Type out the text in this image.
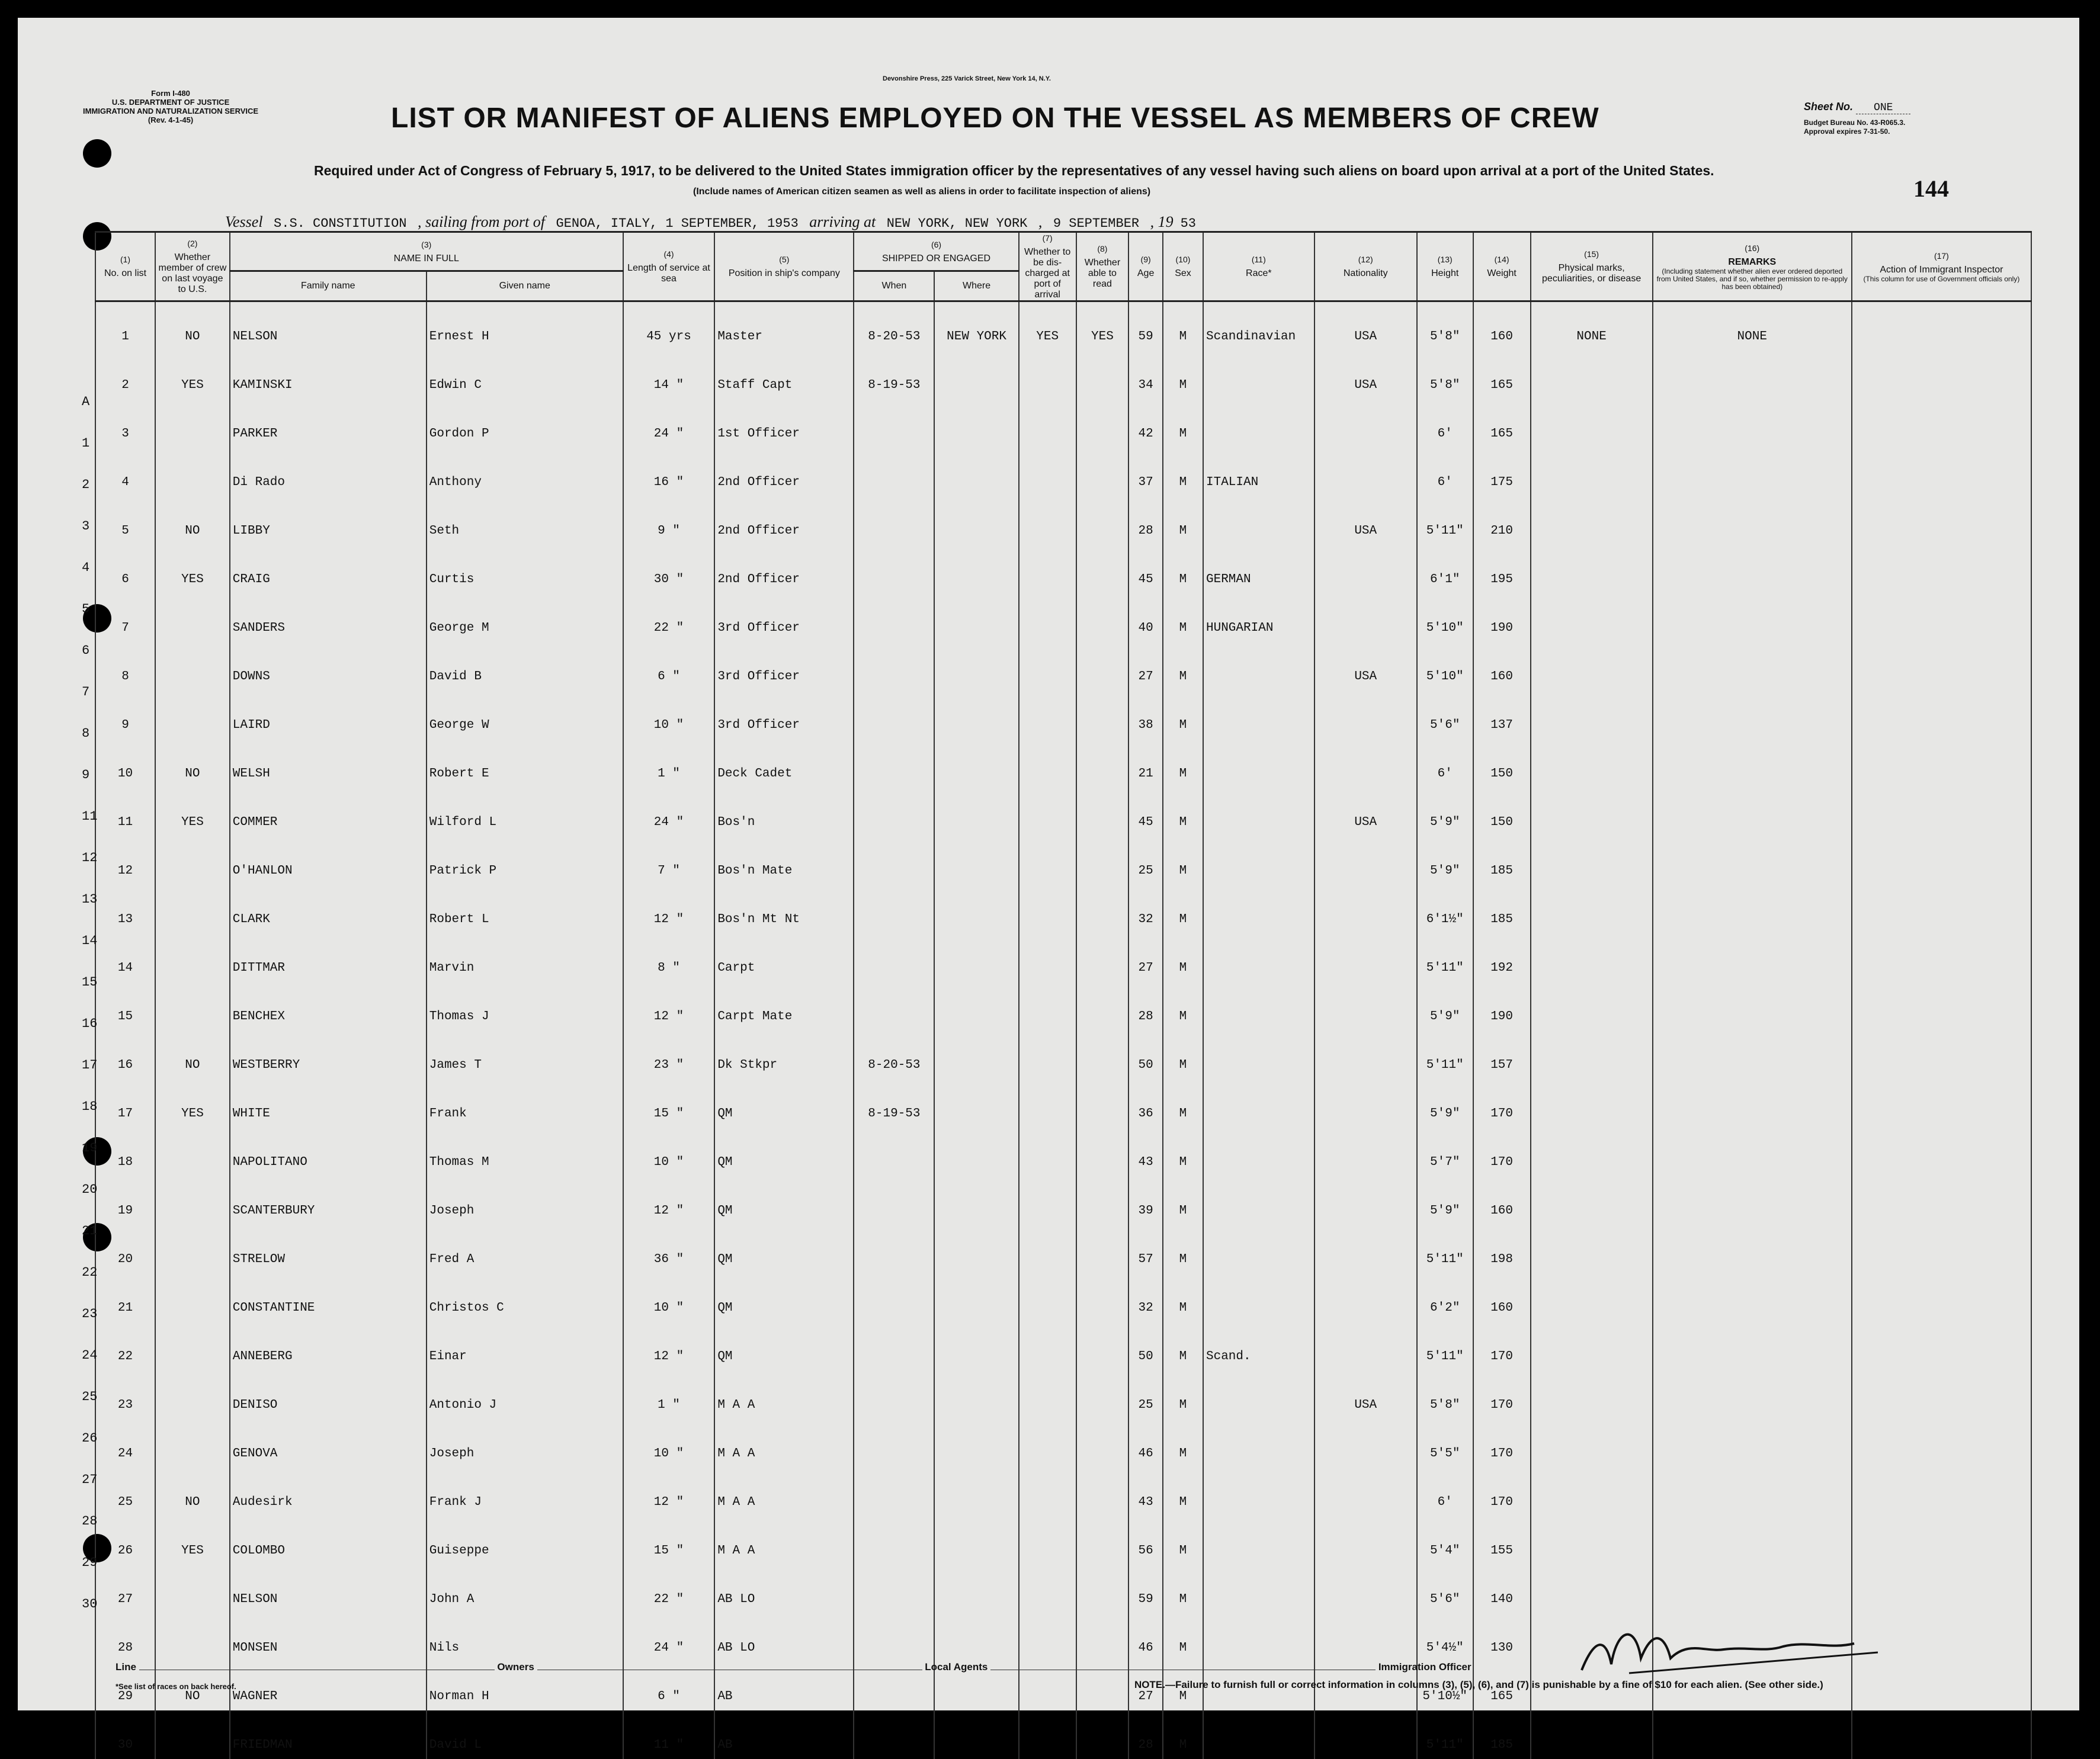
Form I-480
U.S. DEPARTMENT OF JUSTICE
IMMIGRATION AND NATURALIZATION SERVICE
(Rev. 4-1-45)
Devonshire Press, 225 Varick Street, New York 14, N.Y.
LIST OR MANIFEST OF ALIENS EMPLOYED ON THE VESSEL AS MEMBERS OF CREW	Sheet No. ONE
Budget Bureau No. 43-R065.3.
Approval expires 7-31-50.
Required under Act of Congress of February 5, 1917, to be delivered to the United States immigration officer by the representatives of any vessel having such aliens on board upon arrival at a port of the United States.
(Include names of American citizen seamen as well as aliens in order to facilitate inspection of aliens)	144
Vessel S.S. CONSTITUTION , sailing from port of GENOA, ITALY, 1 SEPTEMBER, 1953 arriving at NEW YORK, NEW YORK , 9 SEPTEMBER , 19 53
(1)
No. on list	(2)
Whether member of crew on last voyage to U.S.	(3)
NAME IN FULL		(4)
Length of service at sea	(5)
Position in ship's company	(6)
SHIPPED OR ENGAGED		(7)
Whether to be dis-charged at port of arrival	(8)
Whether able to read	(9)
Age	(10)
Sex	(11)
Race*	(12)
Nationality	(13)
Height	(14)
Weight	(15)
Physical marks, peculiarities, or disease	(16)
REMARKS

(Including statement whether alien ever ordered deported from United States, and if so, whether permission to re-apply has been obtained)	(17)
Action of Immigrant Inspector

(This column for use of Government officials only)

		Family name	Given name			When	Where											
1	NO	NELSON	Ernest H	45 yrs	Master	8-20-53	NEW YORK	YES	YES	59	M	Scandinavian	USA	5'8"	160	NONE	NONE	
2	YES	KAMINSKI	Edwin C	14 "	Staff Capt	8-19-53				34	M		USA	5'8"	165			
3		PARKER	Gordon P	24 "	1st Officer					42	M			6'	165			
4		Di Rado	Anthony	16 "	2nd Officer					37	M	ITALIAN		6'	175			
5	NO	LIBBY	Seth	9 "	2nd Officer					28	M		USA	5'11"	210			
6	YES	CRAIG	Curtis	30 "	2nd Officer					45	M	GERMAN		6'1"	195			
7		SANDERS	George M	22 "	3rd Officer					40	M	HUNGARIAN		5'10"	190			
8		DOWNS	David B	6 "	3rd Officer					27	M		USA	5'10"	160			
9		LAIRD	George W	10 "	3rd Officer					38	M			5'6"	137			
10	NO	WELSH	Robert E	1 "	Deck Cadet					21	M			6'	150			
11	YES	COMMER	Wilford L	24 "	Bos'n					45	M		USA	5'9"	150			
12		O'HANLON	Patrick P	7 "	Bos'n Mate					25	M			5'9"	185			
13		CLARK	Robert L	12 "	Bos'n Mt Nt					32	M			6'1½"	185			
14		DITTMAR	Marvin	8 "	Carpt					27	M			5'11"	192			
15		BENCHEX	Thomas J	12 "	Carpt Mate					28	M			5'9"	190			
16	NO	WESTBERRY	James T	23 "	Dk Stkpr	8-20-53				50	M			5'11"	157			
17	YES	WHITE	Frank	15 "	QM	8-19-53				36	M			5'9"	170			
18		NAPOLITANO	Thomas M	10 "	QM					43	M			5'7"	170			
19		SCANTERBURY	Joseph	12 "	QM					39	M			5'9"	160			
20		STRELOW	Fred A	36 "	QM					57	M			5'11"	198			
21		CONSTANTINE	Christos C	10 "	QM					32	M			6'2"	160			
22		ANNEBERG	Einar	12 "	QM					50	M	Scand.		5'11"	170			
23		DENISO	Antonio J	1 "	M A A					25	M		USA	5'8"	170			
24		GENOVA	Joseph	10 "	M A A					46	M			5'5"	170			
25	NO	Audesirk	Frank J	12 "	M A A					43	M			6'	170			
26	YES	COLOMBO	Guiseppe	15 "	M A A					56	M			5'4"	155			
27		NELSON	John A	22 "	AB LO					59	M			5'6"	140			
28		MONSEN	Nils	24 "	AB LO					46	M			5'4½"	130			
29	NO	WAGNER	Norman H	6 "	AB					27	M			5'10½"	165			
30		FRIEDMAN	David L	11 "	AB					28	M			5'11"	185			
A
1
2
3
4
5
6
7
8
9
11
12
13
14
15
16
17
18
19
20
21
22
23
24
25
26
27
28
29
30
Line	Owners	Local Agents	Immigration Officer
*See list of races on back hereof.	NOTE.—Failure to furnish full or correct information in columns (3), (5), (6), and (7) is punishable by a fine of $10 for each alien. (See other side.)
